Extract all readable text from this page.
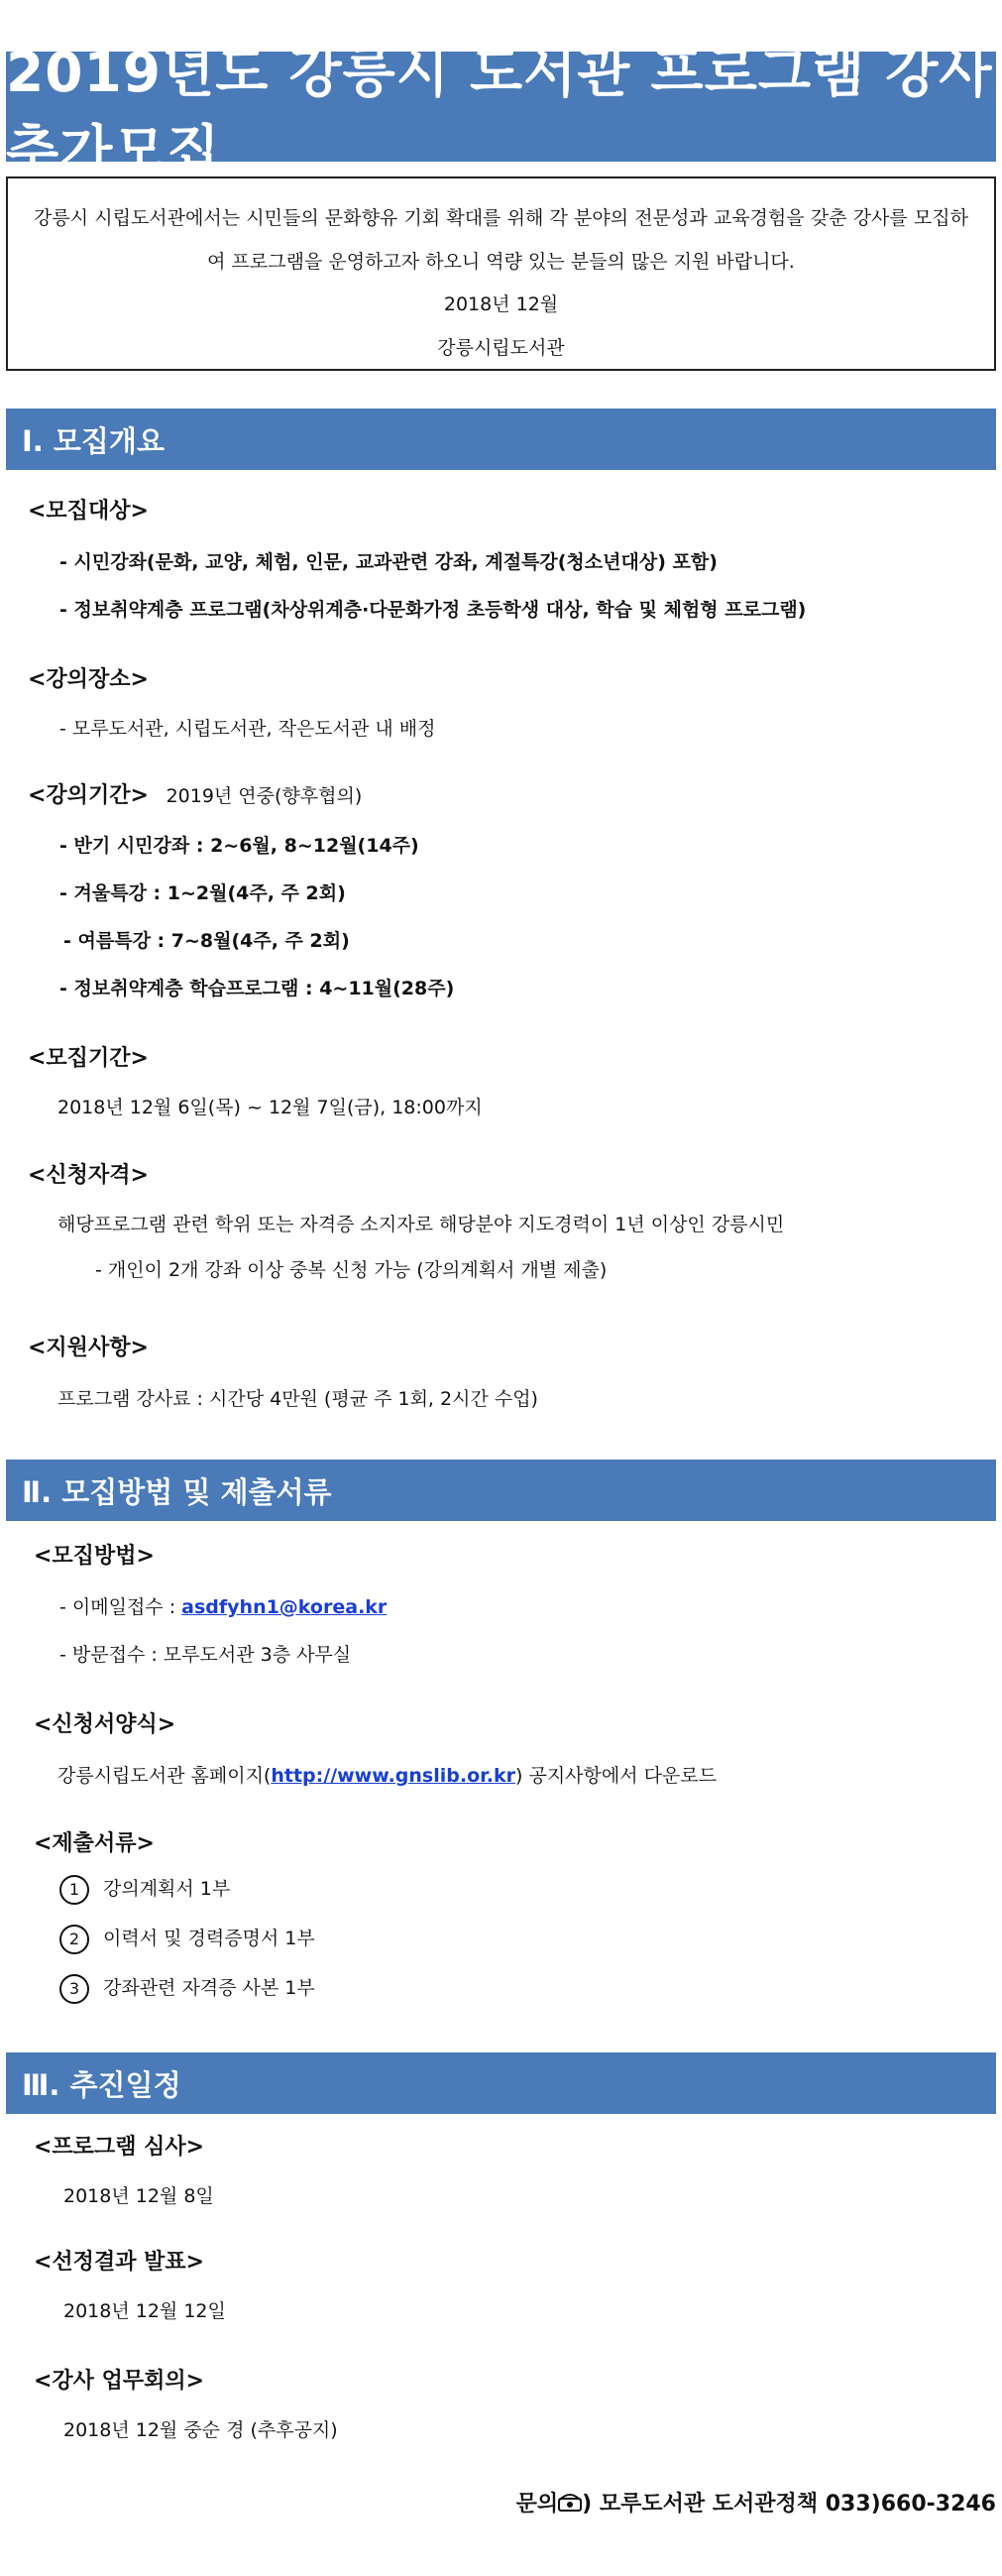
2019년도 강릉시 도서관 프로그램 강사 추가모집
강릉시 시립도서관에서는 시민들의 문화향유 기회 확대를 위해 각 분야의 전문성과 교육경험을 갖춘 강사를 모집하여 프로그램을 운영하고자 하오니 역량 있는 분들의 많은 지원 바랍니다.
2018년 12월
강릉시립도서관
Ⅰ. 모집개요
<모집대상>
- 시민강좌(문화, 교양, 체험, 인문, 교과관련 강좌, 계절특강(청소년대상) 포함)
- 정보취약계층 프로그램(차상위계층·다문화가정 초등학생 대상, 학습 및 체험형 프로그램)
<강의장소>
- 모루도서관, 시립도서관, 작은도서관 내 배정
<강의기간> 2019년 연중(향후협의)
- 반기 시민강좌 : 2~6월, 8~12월(14주)
- 겨울특강 : 1~2월(4주, 주 2회)
- 여름특강 : 7~8월(4주, 주 2회)
- 정보취약계층 학습프로그램 : 4~11월(28주)
<모집기간>
2018년 12월 6일(목) ~ 12월 7일(금), 18:00까지
<신청자격>
해당프로그램 관련 학위 또는 자격증 소지자로 해당분야 지도경력이 1년 이상인 강릉시민
- 개인이 2개 강좌 이상 중복 신청 가능 (강의계획서 개별 제출)
<지원사항>
프로그램 강사료 : 시간당 4만원 (평균 주 1회, 2시간 수업)
Ⅱ. 모집방법 및 제출서류
<모집방법>
- 이메일접수 : asdfyhn1@korea.kr
- 방문접수 : 모루도서관 3층 사무실
<신청서양식>
강릉시립도서관 홈페이지(http://www.gnslib.or.kr) 공지사항에서 다운로드
<제출서류>
1 강의계획서 1부
2 이력서 및 경력증명서 1부
3 강좌관련 자격증 사본 1부
Ⅲ. 추진일정
<프로그램 심사>
2018년 12월 8일
<선정결과 발표>
2018년 12월 12일
<강사 업무회의>
2018년 12월 중순 경 (추후공지)
문의 ) 모루도서관 도서관정책 033)660-3246
